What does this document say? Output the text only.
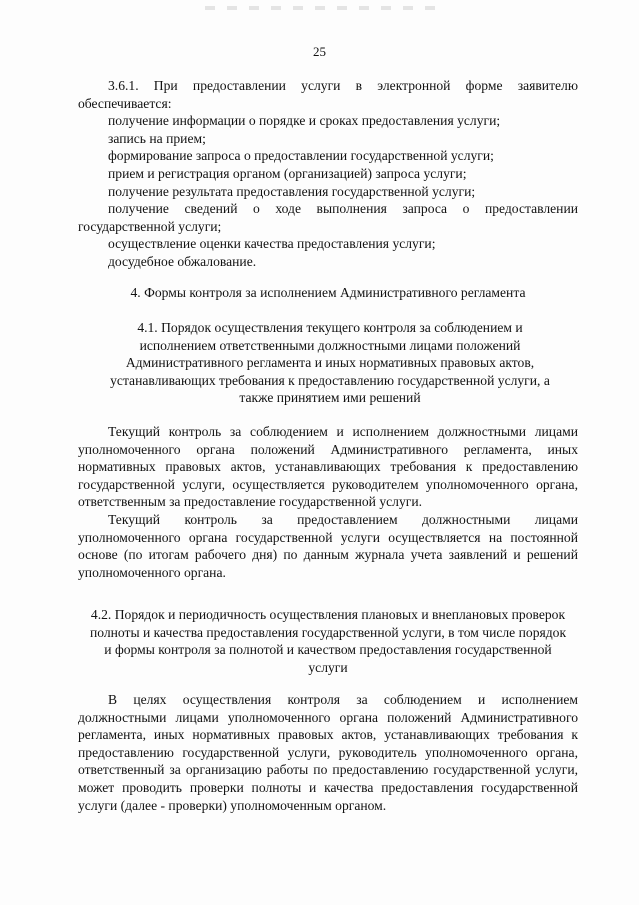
25

3.6.1. При предоставлении услуги в электронной форме заявителю обеспечивается:

получение информации о порядке и сроках предоставления услуги;

запись на прием;

формирование запроса о предоставлении государственной услуги;

прием и регистрация органом (организацией) запроса услуги;

получение результата предоставления государственной услуги;

получение сведений о ходе выполнения запроса о предоставлении государственной услуги;

осуществление оценки качества предоставления услуги;

досудебное обжалование.

4. Формы контроля за исполнением Административного регламента

4.1. Порядок осуществления текущего контроля за соблюдением и исполнением ответственными должностными лицами положений Административного регламента и иных нормативных правовых актов, устанавливающих требования к предоставлению государственной услуги, а также принятием ими решений

Текущий контроль за соблюдением и исполнением должностными лицами уполномоченного органа положений Административного регламента, иных нормативных правовых актов, устанавливающих требования к предоставлению государственной услуги, осуществляется руководителем уполномоченного органа, ответственным за предоставление государственной услуги.

Текущий контроль за предоставлением должностными лицами уполномоченного органа государственной услуги осуществляется на постоянной основе (по итогам рабочего дня) по данным журнала учета заявлений и решений уполномоченного органа.

4.2. Порядок и периодичность осуществления плановых и внеплановых проверок полноты и качества предоставления государственной услуги, в том числе порядок и формы контроля за полнотой и качеством предоставления государственной услуги

В целях осуществления контроля за соблюдением и исполнением должностными лицами уполномоченного органа положений Административного регламента, иных нормативных правовых актов, устанавливающих требования к предоставлению государственной услуги, руководитель уполномоченного органа, ответственный за организацию работы по предоставлению государственной услуги, может проводить проверки полноты и качества предоставления государственной услуги (далее - проверки) уполномоченным органом.
